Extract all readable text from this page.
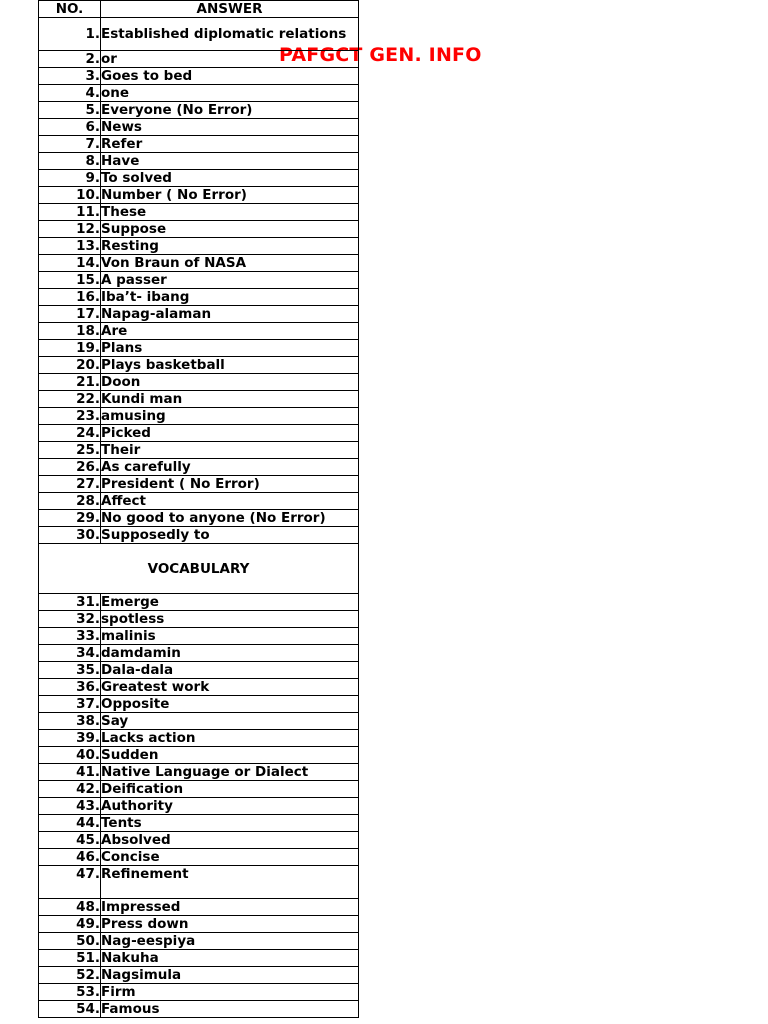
PAFGCT GEN. INFO
NO.	ANSWER
1.	Established diplomatic relations
2.	or
3.	Goes to bed
4.	one
5.	Everyone (No Error)
6.	News
7.	Refer
8.	Have
9.	To solved
10.	Number ( No Error)
11.	These
12.	Suppose
13.	Resting
14.	Von Braun of NASA
15.	A passer
16.	Iba’t- ibang
17.	Napag-alaman
18.	Are
19.	Plans
20.	Plays basketball
21.	Doon
22.	Kundi man
23.	amusing
24.	Picked
25.	Their
26.	As carefully
27.	President ( No Error)
28.	Affect
29.	No good to anyone (No Error)
30.	Supposedly to
VOCABULARY	
31.	Emerge
32.	spotless
33.	malinis
34.	damdamin
35.	Dala-dala
36.	Greatest work
37.	Opposite
38.	Say
39.	Lacks action
40.	Sudden
41.	Native Language or Dialect
42.	Deification
43.	Authority
44.	Tents
45.	Absolved
46.	Concise
47.	Refinement
48.	Impressed
49.	Press down
50.	Nag-eespiya
51.	Nakuha
52.	Nagsimula
53.	Firm
54.	Famous
